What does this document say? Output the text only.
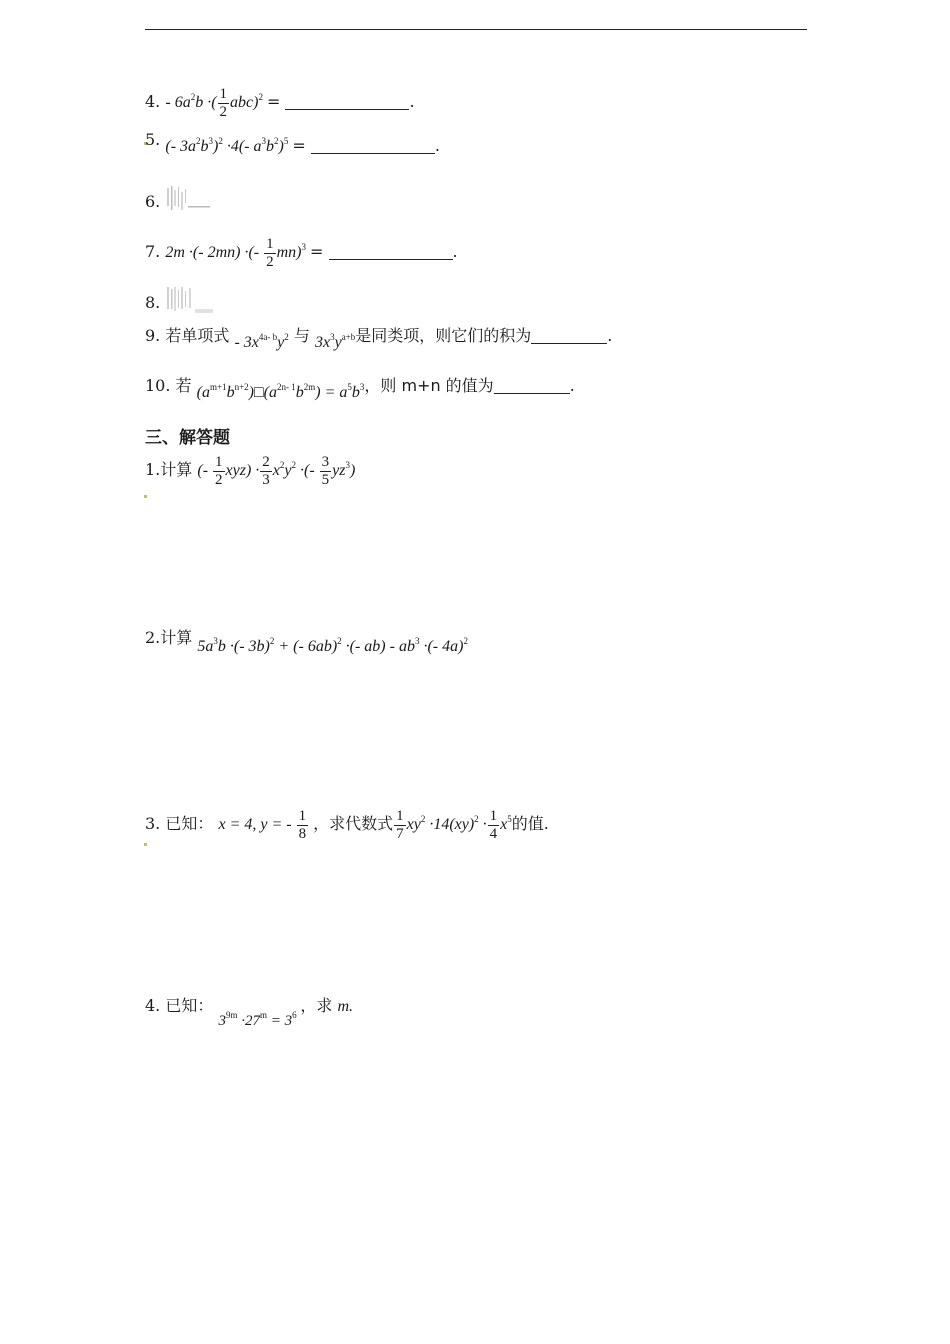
4. - $6a^2b$ ·( $\frac{1}{2} abc)^2$ =	.
5. (- $3a^2b^3)^2 \cdot 4(-$ $a^3b^2)^5$ =	.
6.
7. 2m ·(- 2mn) ·(- $\frac{1}{2} mn)^3$ =	.
8.
9. 若单项式 - $3x^{4a- b}y^2$ 与 $3x^3y^{a+b}$是同类项，则它们的积为	.
10. 若 $(a^{m+1}b^{n+2})□(a^{2n- 1}b^{2m}) = a^5b^3$，则 m+n 的值为	.
三、解答题
1.计算 (- $\frac{1}{2} xyz) \cdot \frac{2}{3} x^2y^2$ ·(- $\frac{3}{5} yz^3$)
2.计算 $5a^3b$ ·(- 3b)$^2$ + (- 6ab)$^2$ ·(- $ab) - ab^3$ ·(- 4a)$^2$
3. 已知： x = 4, y = - $\frac{1}{8}$ ，求代数式 $\frac{1}{7} xy^2 \cdot 14(xy)^2 \cdot \frac{1}{4} x^5$的值.
4. 已知： $3^{9m} \cdot 27^m = 3^6$ ，求 m.
